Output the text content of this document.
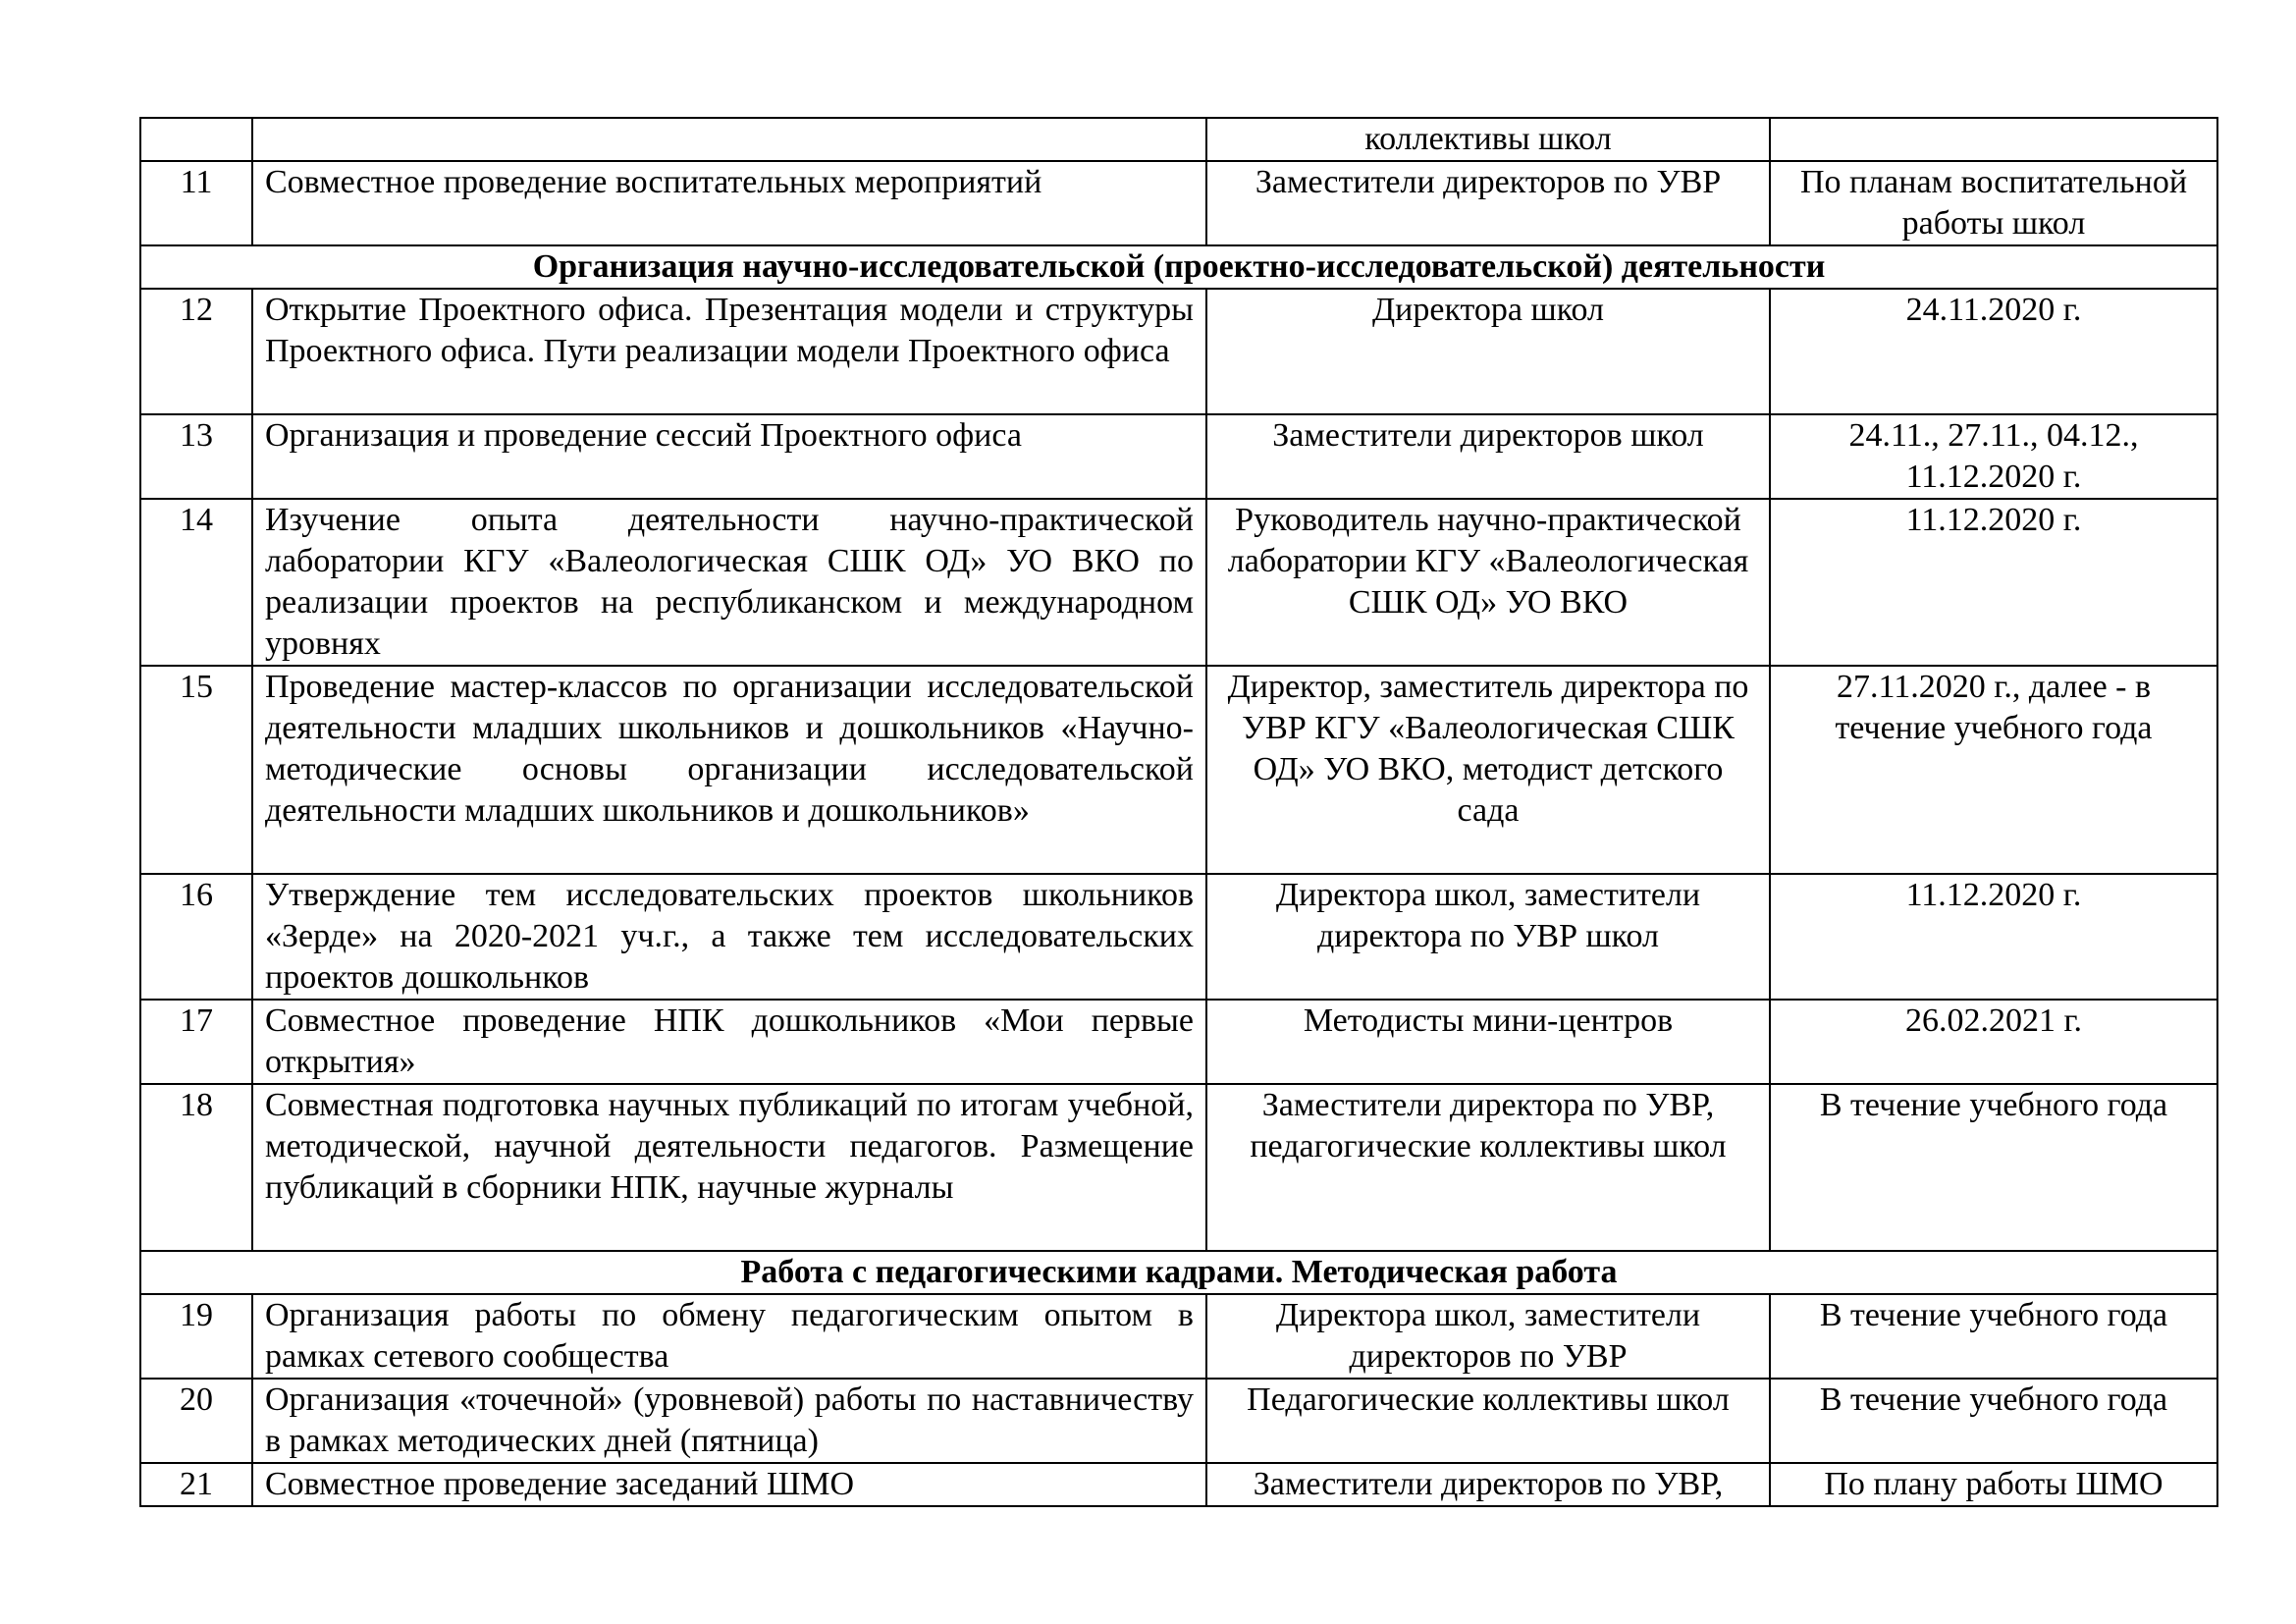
		коллективы школ	
11	Совместное проведение воспитательных мероприятий	Заместители директоров по УВР	По планам воспитательной работы школ
Организация научно-исследовательской (проектно-исследовательской) деятельности			
12	Открытие Проектного офиса. Презентация модели и структуры Проектного офиса. Пути реализации модели Проектного офиса	Директора школ	24.11.2020 г.
13	Организация и проведение сессий Проектного офиса	Заместители директоров школ	24.11., 27.11., 04.12., 11.12.2020 г.
14	Изучение опыта деятельности научно-практической лаборатории КГУ «Валеологическая СШК ОД» УО ВКО по реализации проектов на республиканском и международном уровнях	Руководитель научно-практической лаборатории КГУ «Валеологическая СШК ОД» УО ВКО	11.12.2020 г.
15	Проведение мастер-классов по организации исследовательской деятельности младших школьников и дошкольников «Научно-методические основы организации исследовательской деятельности младших школьников и дошкольников»	Директор, заместитель директора по УВР КГУ «Валеологическая СШК ОД» УО ВКО, методист детского сада	27.11.2020 г., далее - в течение учебного года
16	Утверждение тем исследовательских проектов школьников «Зерде» на 2020-2021 уч.г., а также тем исследовательских проектов дошкольнков	Директора школ, заместители директора по УВР школ	11.12.2020 г.
17	Совместное проведение НПК дошкольников «Мои первые открытия»	Методисты мини-центров	26.02.2021 г.
18	Совместная подготовка научных публикаций по итогам учебной, методической, научной деятельности педагогов. Размещение публикаций в сборники НПК, научные журналы	Заместители директора по УВР, педагогические коллективы школ	В течение учебного года
Работа с педагогическими кадрами. Методическая работа			
19	Организация работы по обмену педагогическим опытом в рамках сетевого сообщества	Директора школ, заместители директоров по УВР	В течение учебного года
20	Организация «точечной» (уровневой) работы по наставничеству в рамках методических дней (пятница)	Педагогические коллективы школ	В течение учебного года
21	Совместное проведение заседаний ШМО	Заместители директоров по УВР,	По плану работы ШМО
